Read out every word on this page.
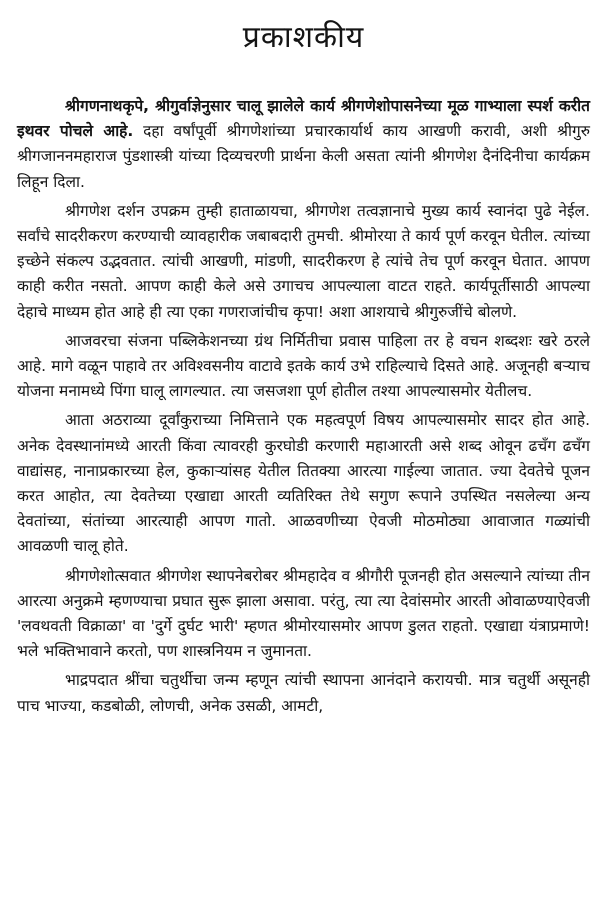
प्रकाशकीय

श्रीगणनाथकृपे, श्रीगुर्वाज्ञेनुसार चालू झालेले कार्य श्रीगणेशोपासनेच्या मूळ गाभ्याला स्पर्श करीत इथवर पोचले आहे. दहा वर्षांपूर्वी श्रीगणेशांच्या प्रचारकार्यार्थ काय आखणी करावी, अशी श्रीगुरु श्रीगजाननमहाराज पुंडशास्त्री यांच्या दिव्यचरणी प्रार्थना केली असता त्यांनी श्रीगणेश दैनंदिनीचा कार्यक्रम लिहून दिला.

श्रीगणेश दर्शन उपक्रम तुम्ही हाताळायचा, श्रीगणेश तत्वज्ञानाचे मुख्य कार्य स्वानंदा पुढे नेईल. सर्वांचे सादरीकरण करण्याची व्यावहारीक जबाबदारी तुमची. श्रीमोरया ते कार्य पूर्ण करवून घेतील. त्यांच्या इच्छेने संकल्प उद्भवतात. त्यांची आखणी, मांडणी, सादरीकरण हे त्यांचे तेच पूर्ण करवून घेतात. आपण काही करीत नसतो. आपण काही केले असे उगाचच आपल्याला वाटत राहते. कार्यपूर्तीसाठी आपल्या देहाचे माध्यम होत आहे ही त्या एका गणराजांचीच कृपा! अशा आशयाचे श्रीगुरुजींचे बोलणे.

आजवरचा संजना पब्लिकेशनच्या ग्रंथ निर्मितीचा प्रवास पाहिला तर हे वचन शब्दशः खरे ठरले आहे. मागे वळून पाहावे तर अविश्वसनीय वाटावे इतके कार्य उभे राहिल्याचे दिसते आहे. अजूनही बऱ्याच योजना मनामध्ये पिंगा घालू लागल्यात. त्या जसजशा पूर्ण होतील तश्या आपल्यासमोर येतीलच.

आता अठराव्या दूर्वांकुराच्या निमित्ताने एक महत्वपूर्ण विषय आपल्यासमोर सादर होत आहे. अनेक देवस्थानांमध्ये आरती किंवा त्यावरही कुरघोडी करणारी महाआरती असे शब्द ओवून ढचँग ढचँग वाद्यांसह, नानाप्रकारच्या हेल, कुकाऱ्यांसह येतील तितक्या आरत्या गाईल्या जातात. ज्या देवतेचे पूजन करत आहोत, त्या देवतेच्या एखाद्या आरती व्यतिरिक्त तेथे सगुण रूपाने उपस्थित नसलेल्या अन्य देवतांच्या, संतांच्या आरत्याही आपण गातो. आळवणीच्या ऐवजी मोठमोठ्या आवाजात गळ्यांची आवळणी चालू होते.

श्रीगणेशोत्सवात श्रीगणेश स्थापनेबरोबर श्रीमहादेव व श्रीगौरी पूजनही होत असल्याने त्यांच्या तीन आरत्या अनुक्रमे म्हणण्याचा प्रघात सुरू झाला असावा. परंतु, त्या त्या देवांसमोर आरती ओवाळण्याऐवजी 'लवथवती विक्राळा' वा 'दुर्गे दुर्घट भारी' म्हणत श्रीमोरयासमोर आपण डुलत राहतो. एखाद्या यंत्राप्रमाणे! भले भक्तिभावाने करतो, पण शास्त्रनियम न जुमानता.

भाद्रपदात श्रींचा चतुर्थीचा जन्म म्हणून त्यांची स्थापना आनंदाने करायची. मात्र चतुर्थी असूनही पाच भाज्या, कडबोळी, लोणची, अनेक उसळी, आमटी,
